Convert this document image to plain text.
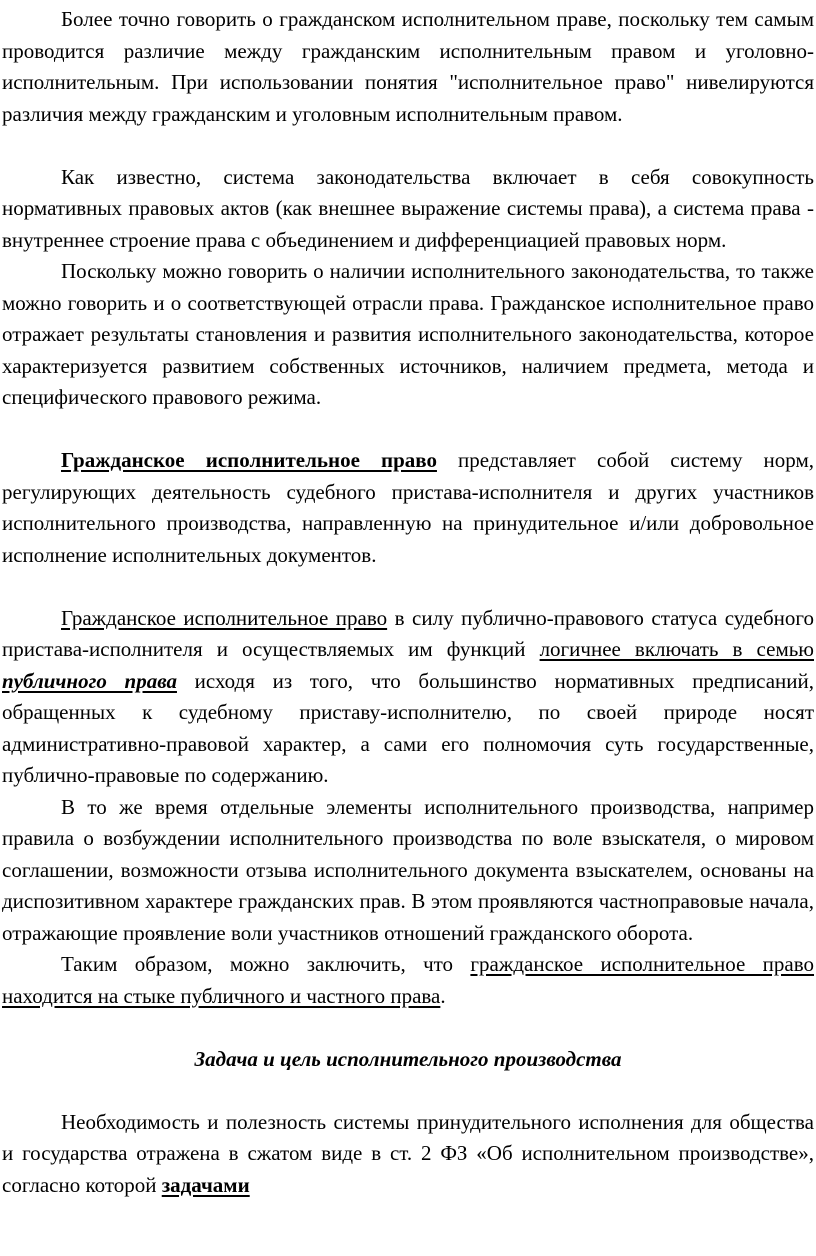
Более точно говорить о гражданском исполнительном праве, поскольку тем самым проводится различие между гражданским исполнительным правом и уголовно-исполнительным. При использовании понятия "исполнительное право" нивелируются различия между гражданским и уголовным исполнительным правом.

Как известно, система законодательства включает в себя совокупность нормативных правовых актов (как внешнее выражение системы права), а система права - внутреннее строение права с объединением и дифференциацией правовых норм.

Поскольку можно говорить о наличии исполнительного законодательства, то также можно говорить и о соответствующей отрасли права. Гражданское исполнительное право отражает результаты становления и развития исполнительного законодательства, которое характеризуется развитием собственных источников, наличием предмета, метода и специфического правового режима.

Гражданское исполнительное право представляет собой систему норм, регулирующих деятельность судебного пристава-исполнителя и других участников исполнительного производства, направленную на принудительное и/или добровольное исполнение исполнительных документов.

Гражданское исполнительное право в силу публично-правового статуса судебного пристава-исполнителя и осуществляемых им функций логичнее включать в семью публичного права исходя из того, что большинство нормативных предписаний, обращенных к судебному приставу-исполнителю, по своей природе носят административно-правовой характер, а сами его полномочия суть государственные, публично-правовые по содержанию.

В то же время отдельные элементы исполнительного производства, например правила о возбуждении исполнительного производства по воле взыскателя, о мировом соглашении, возможности отзыва исполнительного документа взыскателем, основаны на диспозитивном характере гражданских прав. В этом проявляются частноправовые начала, отражающие проявление воли участников отношений гражданского оборота.

Таким образом, можно заключить, что гражданское исполнительное право находится на стыке публичного и частного права.

Задача и цель исполнительного производства

Необходимость и полезность системы принудительного исполнения для общества и государства отражена в сжатом виде в ст. 2 ФЗ «Об исполнительном производстве», согласно которой задачами
